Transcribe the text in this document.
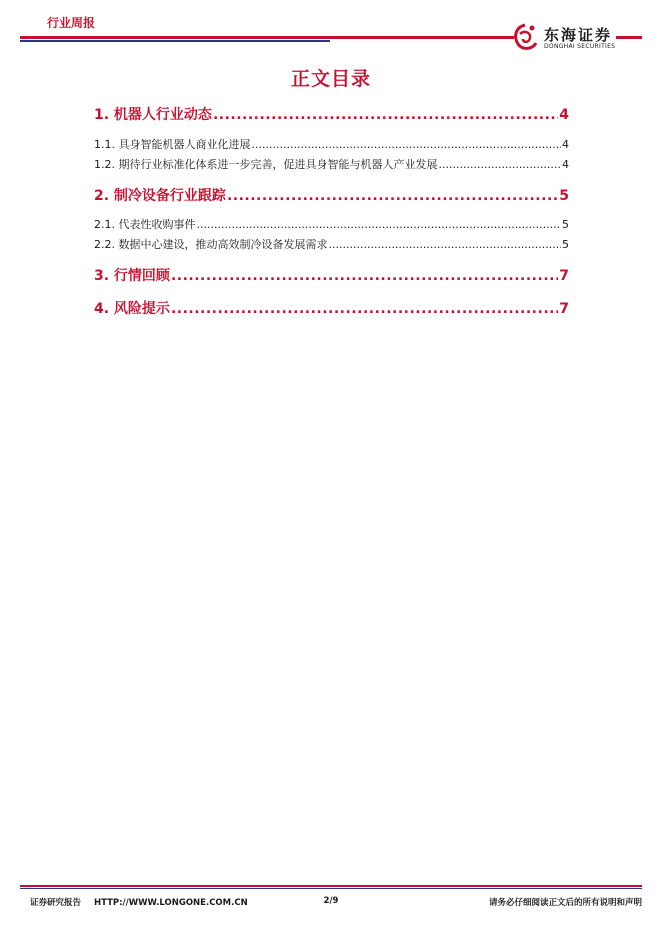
行业周报
东海证券
DONGHAI SECURITIES
正文目录
1. 机器人行业动态 .....	4
1.1. 具身智能机器人商业化进展 .....	4
1.2. 期待行业标准化体系进一步完善，促进具身智能与机器人产业发展 .....	4
2. 制冷设备行业跟踪 .....	5
2.1. 代表性收购事件 .....	5
2.2. 数据中心建设，推动高效制冷设备发展需求 .....	5
3. 行情回顾 .....	7
4. 风险提示 .....	7
证券研究报告 HTTP://WWW.LONGONE.COM.CN	2/9	请务必仔细阅读正文后的所有说明和声明
